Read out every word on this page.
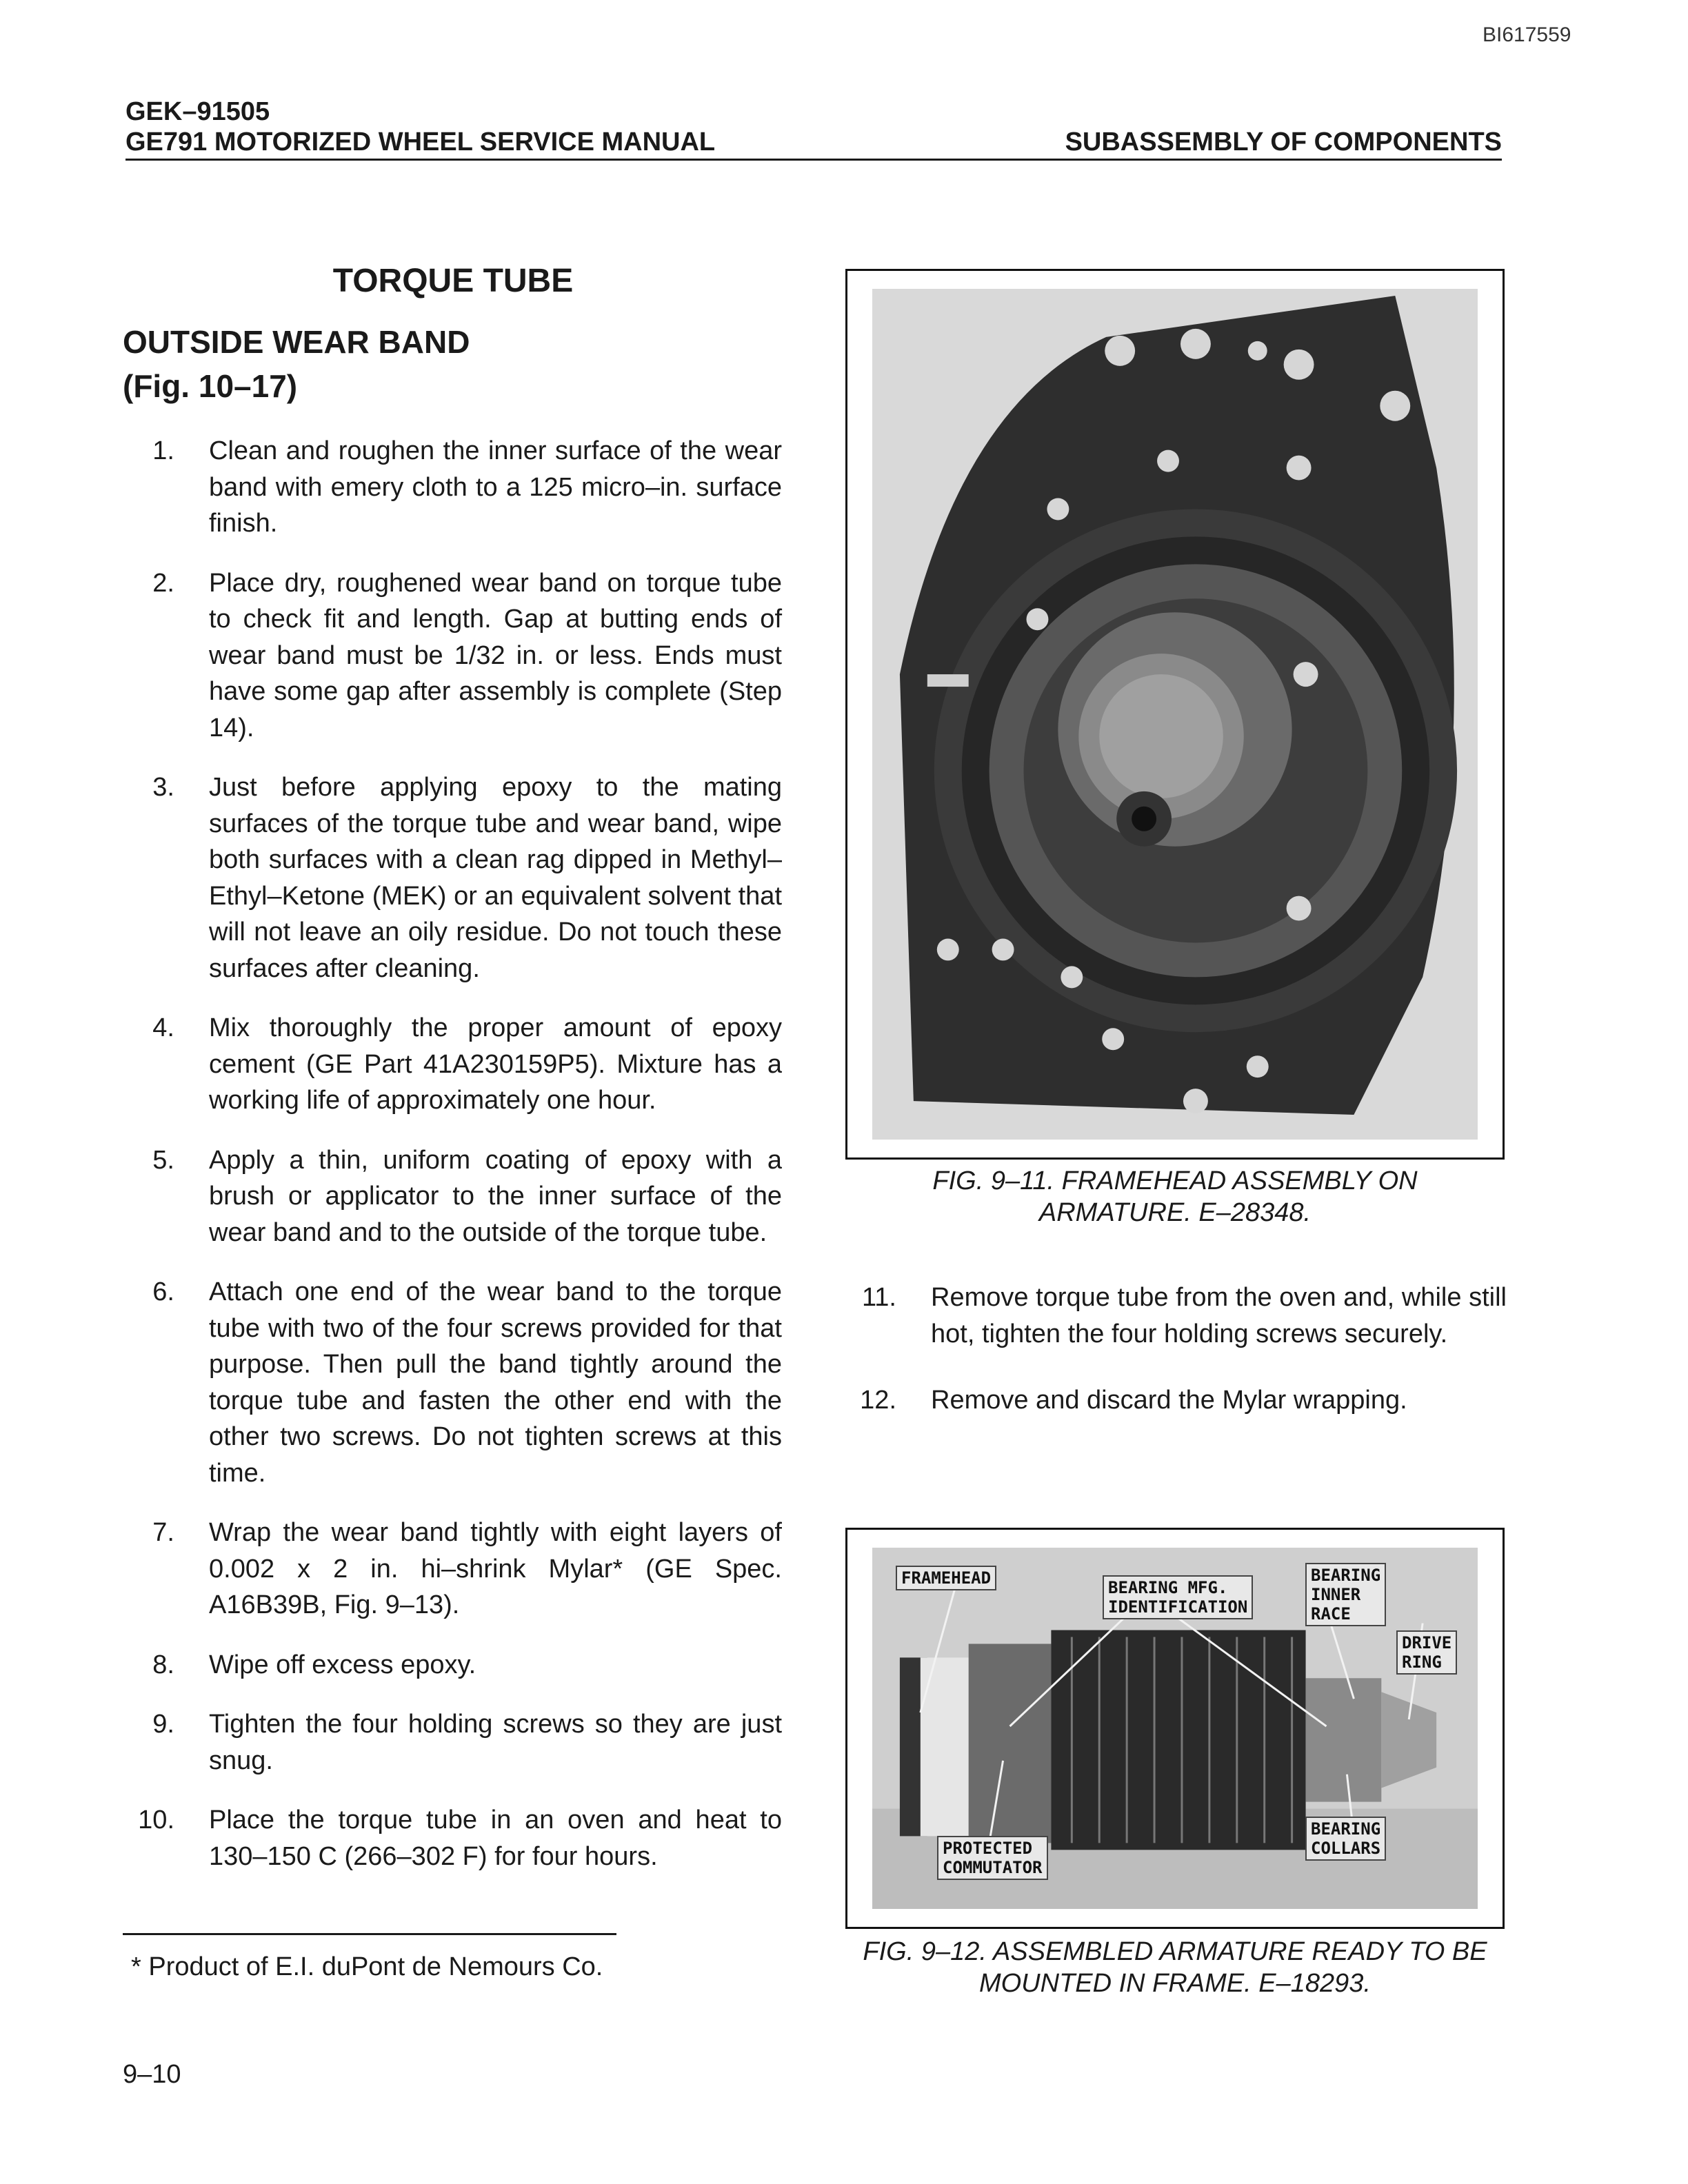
BI617559
GEK–91505
GE791 MOTORIZED WHEEL SERVICE MANUAL	SUBASSEMBLY OF COMPONENTS
TORQUE TUBE
OUTSIDE WEAR BAND
(Fig. 10–17)
1. Clean and roughen the inner surface of the wear band with emery cloth to a 125 micro–in. surface finish.
2. Place dry, roughened wear band on torque tube to check fit and length. Gap at butting ends of wear band must be 1/32 in. or less. Ends must have some gap after assembly is complete (Step 14).
3. Just before applying epoxy to the mating surfaces of the torque tube and wear band, wipe both surfaces with a clean rag dipped in Methyl–Ethyl–Ketone (MEK) or an equivalent solvent that will not leave an oily residue. Do not touch these surfaces after cleaning.
4. Mix thoroughly the proper amount of epoxy cement (GE Part 41A230159P5). Mixture has a working life of approximately one hour.
5. Apply a thin, uniform coating of epoxy with a brush or applicator to the inner surface of the wear band and to the outside of the torque tube.
6. Attach one end of the wear band to the torque tube with two of the four screws provided for that purpose. Then pull the band tightly around the torque tube and fasten the other end with the other two screws. Do not tighten screws at this time.
7. Wrap the wear band tightly with eight layers of 0.002 x 2 in. hi–shrink Mylar* (GE Spec. A16B39B, Fig. 9–13).
8. Wipe off excess epoxy.
9. Tighten the four holding screws so they are just snug.
10. Place the torque tube in an oven and heat to 130–150 C (266–302 F) for four hours.
FIG. 9–11. FRAMEHEAD ASSEMBLY ON
ARMATURE. E–28348.
11. Remove torque tube from the oven and, while still hot, tighten the four holding screws securely.
12. Remove and discard the Mylar wrapping.
FRAMEHEAD	BEARING MFG.
IDENTIFICATION
BEARING
INNER
RACE
DRIVE
RING
PROTECTED
COMMUTATOR
BEARING
COLLARS
FIG. 9–12. ASSEMBLED ARMATURE READY TO BE
MOUNTED IN FRAME. E–18293.
* Product of E.I. duPont de Nemours Co.
9–10
